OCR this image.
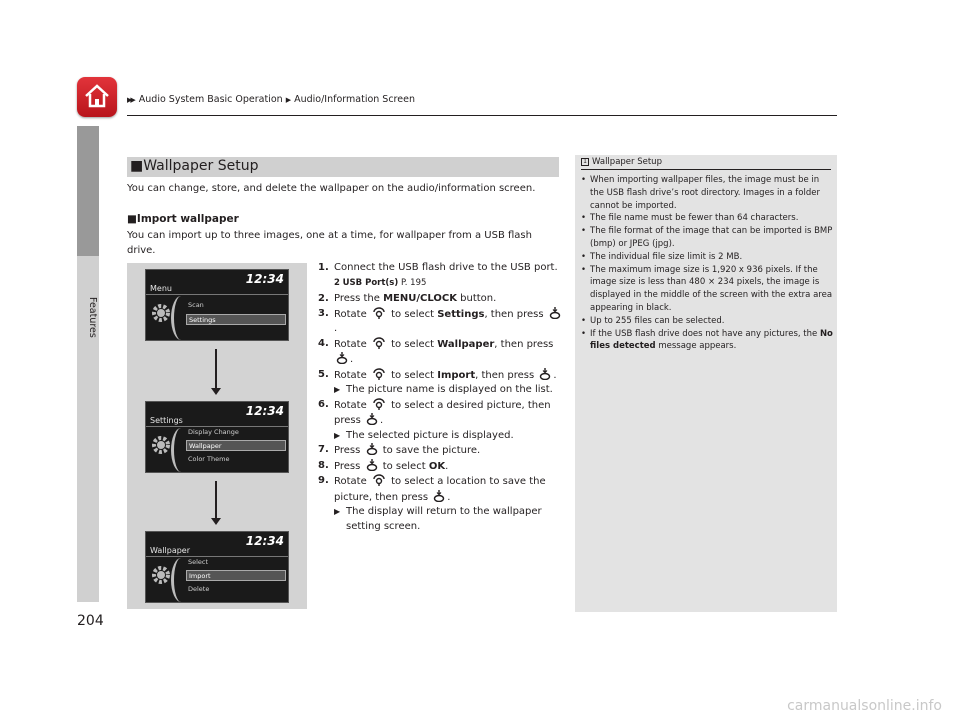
▶▶ Audio System Basic Operation ▶ Audio/Information Screen
Features
204
■Wallpaper Setup

You can change, store, and delete the wallpaper on the audio/information screen.

■Import wallpaper

You can import up to three images, one at a time, for wallpaper from a USB flash drive.

12:34
Menu
Scan
Settings
12:34
Settings
Display Change
Wallpaper
Color Theme
12:34
Wallpaper
Select
Import
Delete
1. Connect the USB flash drive to the USB port.
2 USB Port(s) P. 195
2. Press the MENU/CLOCK button.
3. Rotate to select Settings, then press .
4. Rotate to select Wallpaper, then press .
5. Rotate to select Import, then press .
▶ The picture name is displayed on the list.
6. Rotate to select a desired picture, then press .
▶ The selected picture is displayed.
7. Press to save the picture.
8. Press to select OK.
9. Rotate to select a location to save the picture, then press .
▶ The display will return to the wallpaper setting screen.
1 Wallpaper Setup
• When importing wallpaper files, the image must be in the USB flash drive’s root directory. Images in a folder cannot be imported.
• The file name must be fewer than 64 characters.
• The file format of the image that can be imported is BMP (bmp) or JPEG (jpg).
• The individual file size limit is 2 MB.
• The maximum image size is 1,920 x 936 pixels. If the image size is less than 480 × 234 pixels, the image is displayed in the middle of the screen with the extra area appearing in black.
• Up to 255 files can be selected.
• If the USB flash drive does not have any pictures, the No files detected message appears.
carmanualsonline.info
